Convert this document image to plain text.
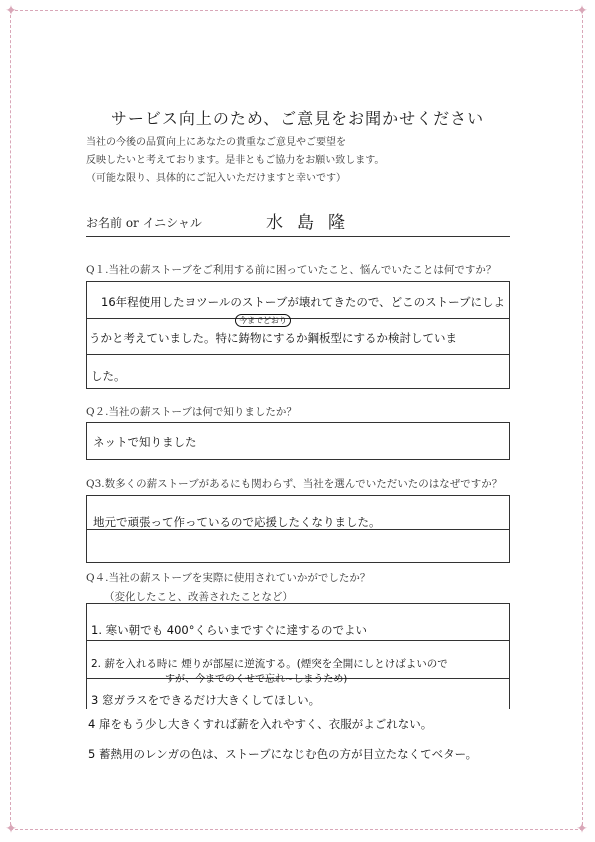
✦	✦
✦	✦
サービス向上のため、ご意見をお聞かせください
当社の今後の品質向上にあなたの貴重なご意見やご要望を
反映したいと考えております。是非ともご協力をお願い致します。
（可能な限り、具体的にご記入いただけますと幸いです）
お名前 or イニシャル	水島隆
Q１.当社の薪ストーブをご利用する前に困っていたこと、悩んでいたことは何ですか？
16年程使用したヨツールのストーブが壊れてきたので、どこのストーブにしよ
今までどおり
うかと考えていました。特に鋳物にするか鋼板型にするか検討していま
した。
Q２.当社の薪ストーブは何で知りましたか？
ネットで知りました
Q3.数多くの薪ストーブがあるにも関わらず、当社を選んでいただいたのはなぜですか？
地元で頑張って作っているので応援したくなりました。
Q４.当社の薪ストーブを実際に使用されていかがでしたか？
（変化したこと、改善されたことなど）
1. 寒い朝でも 400°くらいまですぐに達するのでよい
2. 薪を入れる時に 煙りが部屋に逆流する。(煙突を全開にしとけばよいので
すが、今までのくせで忘れ~しまうため)
3 窓ガラスをできるだけ大きくしてほしい。
4 扉をもう少し大きくすれば薪を入れやすく、衣服がよごれない。
5 蓄熱用のレンガの色は、ストーブになじむ色の方が目立たなくてベター。
